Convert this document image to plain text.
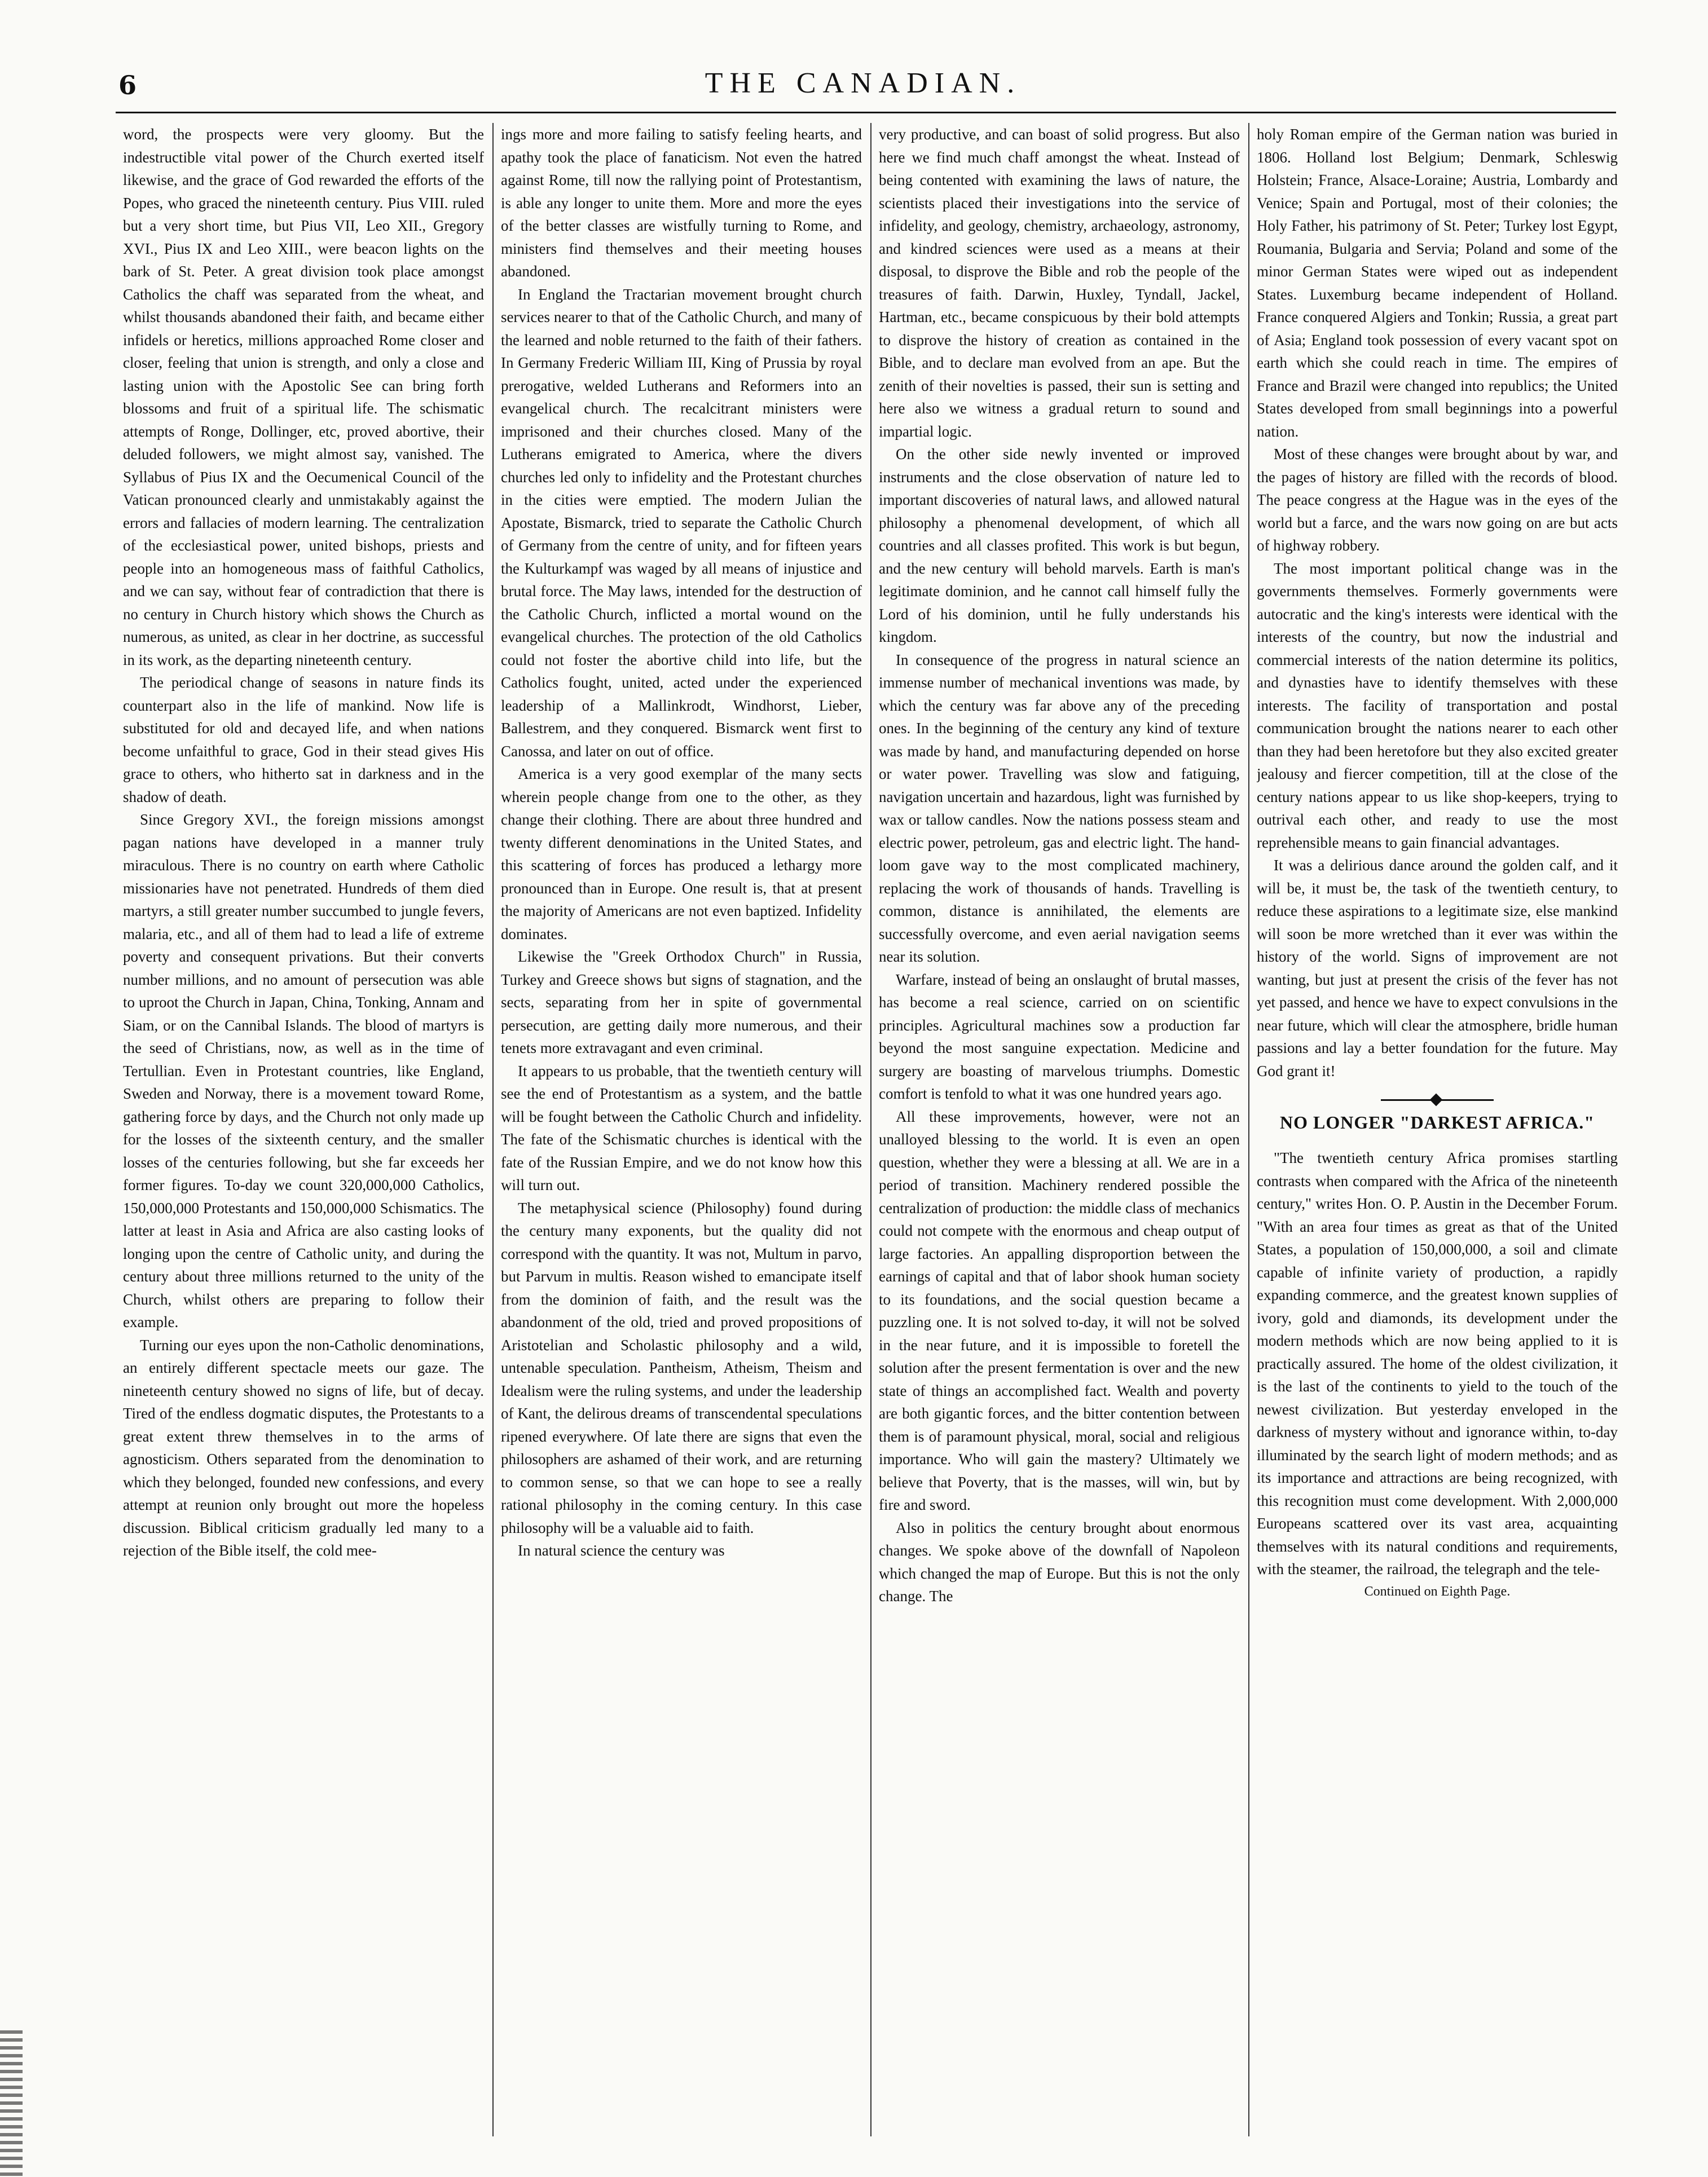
6	THE CANADIAN.

word, the prospects were very gloomy. But the indestructible vital power of the Church exerted itself likewise, and the grace of God rewarded the efforts of the Popes, who graced the nineteenth century. Pius VIII. ruled but a very short time, but Pius VII, Leo XII., Gregory XVI., Pius IX and Leo XIII., were beacon lights on the bark of St. Peter. A great division took place amongst Catholics the chaff was separated from the wheat, and whilst thousands abandoned their faith, and became either infidels or heretics, millions approached Rome closer and closer, feeling that union is strength, and only a close and lasting union with the Apostolic See can bring forth blossoms and fruit of a spiritual life. The schismatic attempts of Ronge, Dollinger, etc, proved abortive, their deluded followers, we might almost say, vanished. The Syllabus of Pius IX and the Oecumenical Council of the Vatican pronounced clearly and unmistakably against the errors and fallacies of modern learning. The centralization of the ecclesiastical power, united bishops, priests and people into an homogeneous mass of faithful Catholics, and we can say, without fear of contradiction that there is no century in Church history which shows the Church as numerous, as united, as clear in her doctrine, as successful in its work, as the departing nineteenth century.

The periodical change of seasons in nature finds its counterpart also in the life of mankind. Now life is substituted for old and decayed life, and when nations become unfaithful to grace, God in their stead gives His grace to others, who hitherto sat in darkness and in the shadow of death.

Since Gregory XVI., the foreign missions amongst pagan nations have developed in a manner truly miraculous. There is no country on earth where Catholic missionaries have not penetrated. Hundreds of them died martyrs, a still greater number succumbed to jungle fevers, malaria, etc., and all of them had to lead a life of extreme poverty and consequent privations. But their converts number millions, and no amount of persecution was able to uproot the Church in Japan, China, Tonking, Annam and Siam, or on the Cannibal Islands. The blood of martyrs is the seed of Christians, now, as well as in the time of Tertullian. Even in Protestant countries, like England, Sweden and Norway, there is a movement toward Rome, gathering force by days, and the Church not only made up for the losses of the sixteenth century, and the smaller losses of the centuries following, but she far exceeds her former figures. To-day we count 320,000,000 Catholics, 150,000,000 Protestants and 150,000,000 Schismatics. The latter at least in Asia and Africa are also casting looks of longing upon the centre of Catholic unity, and during the century about three millions returned to the unity of the Church, whilst others are preparing to follow their example.

Turning our eyes upon the non-Catholic denominations, an entirely different spectacle meets our gaze. The nineteenth century showed no signs of life, but of decay. Tired of the endless dogmatic disputes, the Protestants to a great extent threw themselves in to the arms of agnosticism. Others separated from the denomination to which they belonged, founded new confessions, and every attempt at reunion only brought out more the hopeless discussion. Biblical criticism gradually led many to a rejection of the Bible itself, the cold mee-

ings more and more failing to satisfy feeling hearts, and apathy took the place of fanaticism. Not even the hatred against Rome, till now the rallying point of Protestantism, is able any longer to unite them. More and more the eyes of the better classes are wistfully turning to Rome, and ministers find themselves and their meeting houses abandoned.

In England the Tractarian movement brought church services nearer to that of the Catholic Church, and many of the learned and noble returned to the faith of their fathers. In Germany Frederic William III, King of Prussia by royal prerogative, welded Lutherans and Reformers into an evangelical church. The recalcitrant ministers were imprisoned and their churches closed. Many of the Lutherans emigrated to America, where the divers churches led only to infidelity and the Protestant churches in the cities were emptied. The modern Julian the Apostate, Bismarck, tried to separate the Catholic Church of Germany from the centre of unity, and for fifteen years the Kulturkampf was waged by all means of injustice and brutal force. The May laws, intended for the destruction of the Catholic Church, inflicted a mortal wound on the evangelical churches. The protection of the old Catholics could not foster the abortive child into life, but the Catholics fought, united, acted under the experienced leadership of a Mallinkrodt, Windhorst, Lieber, Ballestrem, and they conquered. Bismarck went first to Canossa, and later on out of office.

America is a very good exemplar of the many sects wherein people change from one to the other, as they change their clothing. There are about three hundred and twenty different denominations in the United States, and this scattering of forces has produced a lethargy more pronounced than in Europe. One result is, that at present the majority of Americans are not even baptized. Infidelity dominates.

Likewise the "Greek Orthodox Church" in Russia, Turkey and Greece shows but signs of stagnation, and the sects, separating from her in spite of governmental persecution, are getting daily more numerous, and their tenets more extravagant and even criminal.

It appears to us probable, that the twentieth century will see the end of Protestantism as a system, and the battle will be fought between the Catholic Church and infidelity. The fate of the Schismatic churches is identical with the fate of the Russian Empire, and we do not know how this will turn out.

The metaphysical science (Philosophy) found during the century many exponents, but the quality did not correspond with the quantity. It was not, Multum in parvo, but Parvum in multis. Reason wished to emancipate itself from the dominion of faith, and the result was the abandonment of the old, tried and proved propositions of Aristotelian and Scholastic philosophy and a wild, untenable speculation. Pantheism, Atheism, Theism and Idealism were the ruling systems, and under the leadership of Kant, the delirous dreams of transcendental speculations ripened everywhere. Of late there are signs that even the philosophers are ashamed of their work, and are returning to common sense, so that we can hope to see a really rational philosophy in the coming century. In this case philosophy will be a valuable aid to faith.

In natural science the century was

very productive, and can boast of solid progress. But also here we find much chaff amongst the wheat. Instead of being contented with examining the laws of nature, the scientists placed their investigations into the service of infidelity, and geology, chemistry, archaeology, astronomy, and kindred sciences were used as a means at their disposal, to disprove the Bible and rob the people of the treasures of faith. Darwin, Huxley, Tyndall, Jackel, Hartman, etc., became conspicuous by their bold attempts to disprove the history of creation as contained in the Bible, and to declare man evolved from an ape. But the zenith of their novelties is passed, their sun is setting and here also we witness a gradual return to sound and impartial logic.

On the other side newly invented or improved instruments and the close observation of nature led to important discoveries of natural laws, and allowed natural philosophy a phenomenal development, of which all countries and all classes profited. This work is but begun, and the new century will behold marvels. Earth is man's legitimate dominion, and he cannot call himself fully the Lord of his dominion, until he fully understands his kingdom.

In consequence of the progress in natural science an immense number of mechanical inventions was made, by which the century was far above any of the preceding ones. In the beginning of the century any kind of texture was made by hand, and manufacturing depended on horse or water power. Travelling was slow and fatiguing, navigation uncertain and hazardous, light was furnished by wax or tallow candles. Now the nations possess steam and electric power, petroleum, gas and electric light. The hand-loom gave way to the most complicated machinery, replacing the work of thousands of hands. Travelling is common, distance is annihilated, the elements are successfully overcome, and even aerial navigation seems near its solution.

Warfare, instead of being an onslaught of brutal masses, has become a real science, carried on on scientific principles. Agricultural machines sow a production far beyond the most sanguine expectation. Medicine and surgery are boasting of marvelous triumphs. Domestic comfort is tenfold to what it was one hundred years ago.

All these improvements, however, were not an unalloyed blessing to the world. It is even an open question, whether they were a blessing at all. We are in a period of transition. Machinery rendered possible the centralization of production: the middle class of mechanics could not compete with the enormous and cheap output of large factories. An appalling disproportion between the earnings of capital and that of labor shook human society to its foundations, and the social question became a puzzling one. It is not solved to-day, it will not be solved in the near future, and it is impossible to foretell the solution after the present fermentation is over and the new state of things an accomplished fact. Wealth and poverty are both gigantic forces, and the bitter contention between them is of paramount physical, moral, social and religious importance. Who will gain the mastery? Ultimately we believe that Poverty, that is the masses, will win, but by fire and sword.

Also in politics the century brought about enormous changes. We spoke above of the downfall of Napoleon which changed the map of Europe. But this is not the only change. The

holy Roman empire of the German nation was buried in 1806. Holland lost Belgium; Denmark, Schleswig Holstein; France, Alsace-Loraine; Austria, Lombardy and Venice; Spain and Portugal, most of their colonies; the Holy Father, his patrimony of St. Peter; Turkey lost Egypt, Roumania, Bulgaria and Servia; Poland and some of the minor German States were wiped out as independent States. Luxemburg became independent of Holland. France conquered Algiers and Tonkin; Russia, a great part of Asia; England took possession of every vacant spot on earth which she could reach in time. The empires of France and Brazil were changed into republics; the United States developed from small beginnings into a powerful nation.

Most of these changes were brought about by war, and the pages of history are filled with the records of blood. The peace congress at the Hague was in the eyes of the world but a farce, and the wars now going on are but acts of highway robbery.

The most important political change was in the governments themselves. Formerly governments were autocratic and the king's interests were identical with the interests of the country, but now the industrial and commercial interests of the nation determine its politics, and dynasties have to identify themselves with these interests. The facility of transportation and postal communication brought the nations nearer to each other than they had been heretofore but they also excited greater jealousy and fiercer competition, till at the close of the century nations appear to us like shop-keepers, trying to outrival each other, and ready to use the most reprehensible means to gain financial advantages.

It was a delirious dance around the golden calf, and it will be, it must be, the task of the twentieth century, to reduce these aspirations to a legitimate size, else mankind will soon be more wretched than it ever was within the history of the world. Signs of improvement are not wanting, but just at present the crisis of the fever has not yet passed, and hence we have to expect convulsions in the near future, which will clear the atmosphere, bridle human passions and lay a better foundation for the future. May God grant it!

NO LONGER "DARKEST AFRICA."

"The twentieth century Africa promises startling contrasts when compared with the Africa of the nineteenth century," writes Hon. O. P. Austin in the December Forum. "With an area four times as great as that of the United States, a population of 150,000,000, a soil and climate capable of infinite variety of production, a rapidly expanding commerce, and the greatest known supplies of ivory, gold and diamonds, its development under the modern methods which are now being applied to it is practically assured. The home of the oldest civilization, it is the last of the continents to yield to the touch of the newest civilization. But yesterday enveloped in the darkness of mystery without and ignorance within, to-day illuminated by the search light of modern methods; and as its importance and attractions are being recognized, with this recognition must come development. With 2,000,000 Europeans scattered over its vast area, acquainting themselves with its natural conditions and requirements, with the steamer, the railroad, the telegraph and the tele-

Continued on Eighth Page.
